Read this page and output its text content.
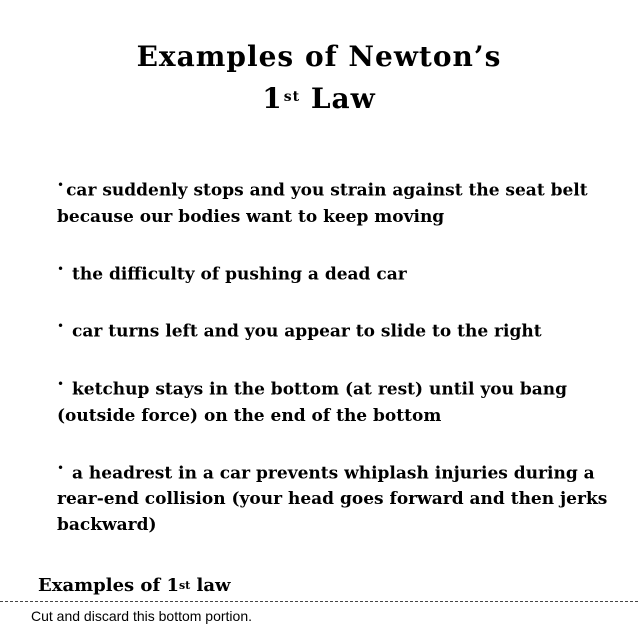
Examples of Newton’s
1st Law
• car suddenly stops and you strain against the seat belt because our bodies want to keep moving
• the difficulty of pushing a dead car
• car turns left and you appear to slide to the right
• ketchup stays in the bottom (at rest) until you bang (outside force) on the end of the bottom
• a headrest in a car prevents whiplash injuries during a rear-end collision (your head goes forward and then jerks backward)
Examples of 1st law
Cut and discard this bottom portion.
